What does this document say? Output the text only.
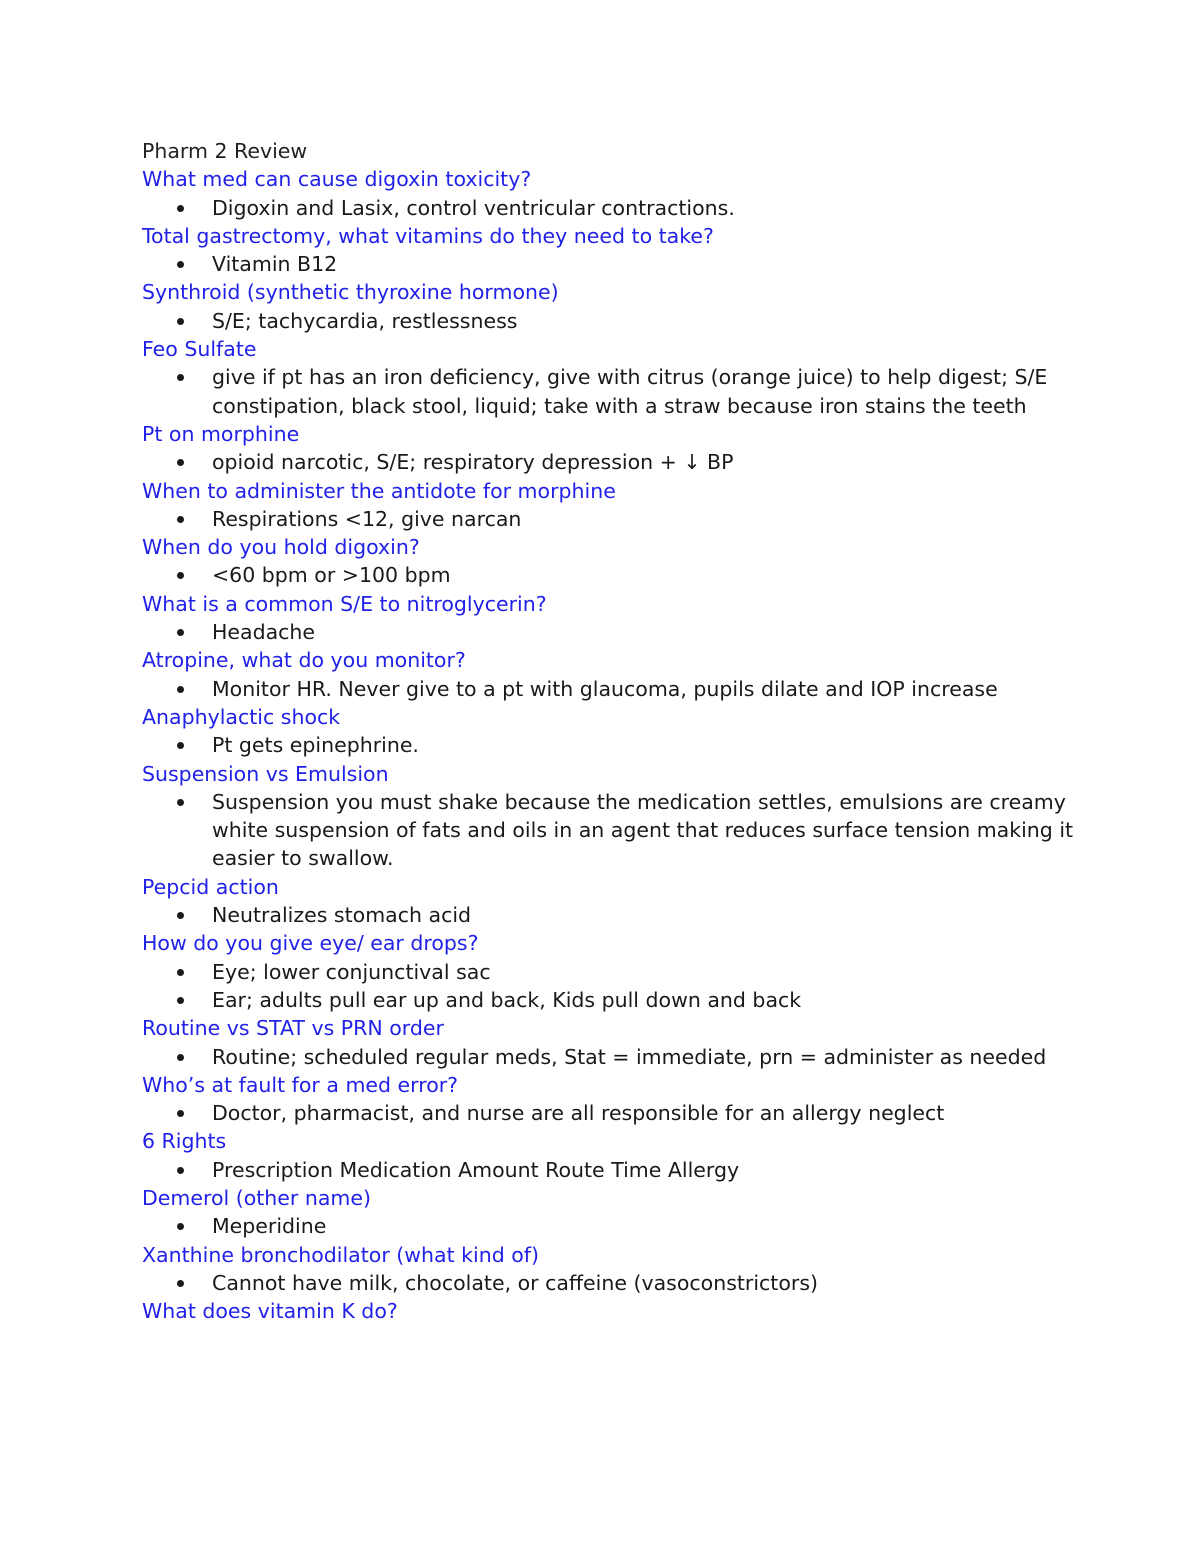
Pharm 2 Review
What med can cause digoxin toxicity?
Digoxin and Lasix, control ventricular contractions.
Total gastrectomy, what vitamins do they need to take?
Vitamin B12
Synthroid (synthetic thyroxine hormone)
S/E; tachycardia, restlessness
Feo Sulfate
give if pt has an iron deficiency, give with citrus (orange juice) to help digest; S/E constipation, black stool, liquid; take with a straw because iron stains the teeth
Pt on morphine
opioid narcotic, S/E; respiratory depression + ↓ BP
When to administer the antidote for morphine
Respirations <12, give narcan
When do you hold digoxin?
<60 bpm or >100 bpm
What is a common S/E to nitroglycerin?
Headache
Atropine, what do you monitor?
Monitor HR. Never give to a pt with glaucoma, pupils dilate and IOP increase
Anaphylactic shock
Pt gets epinephrine.
Suspension vs Emulsion
Suspension you must shake because the medication settles, emulsions are creamy white suspension of fats and oils in an agent that reduces surface tension making it easier to swallow.
Pepcid action
Neutralizes stomach acid
How do you give eye/ ear drops?
Eye; lower conjunctival sac
Ear; adults pull ear up and back, Kids pull down and back
Routine vs STAT vs PRN order
Routine; scheduled regular meds, Stat = immediate, prn = administer as needed
Who’s at fault for a med error?
Doctor, pharmacist, and nurse are all responsible for an allergy neglect
6 Rights
Prescription Medication Amount Route Time Allergy
Demerol (other name)
Meperidine
Xanthine bronchodilator (what kind of)
Cannot have milk, chocolate, or caffeine (vasoconstrictors)
What does vitamin K do?
